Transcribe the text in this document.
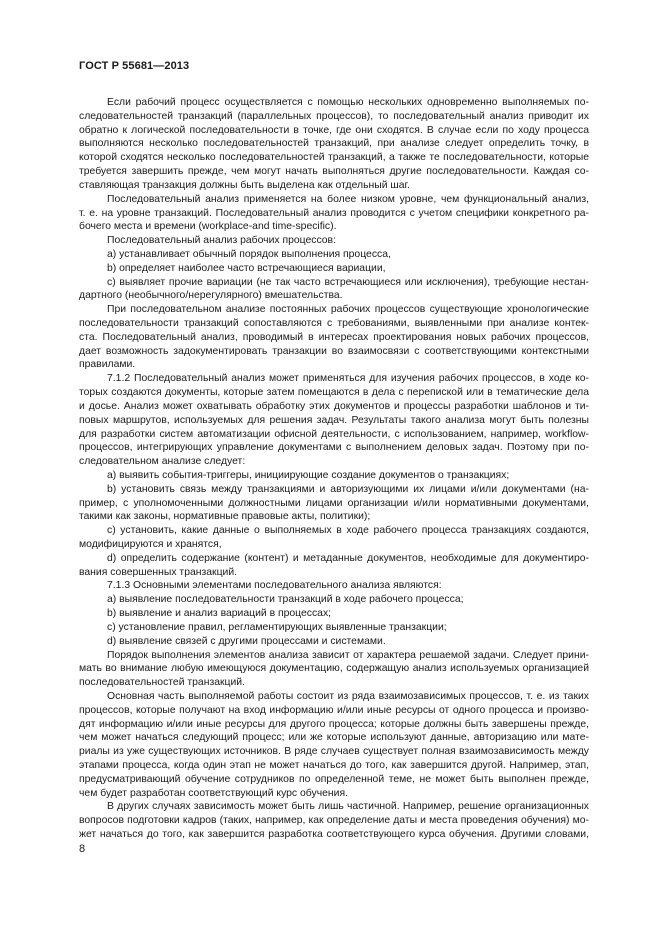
ГОСТ Р 55681—2013
Если рабочий процесс осуществляется с помощью нескольких одновременно выполняемых по-
следовательностей транзакций (параллельных процессов), то последовательный анализ приводит их
обратно к логической последовательности в точке, где они сходятся. В случае если по ходу процесса
выполняются несколько последовательностей транзакций, при анализе следует определить точку, в
которой сходятся несколько последовательностей транзакций, а также те последовательности, которые
требуется завершить прежде, чем могут начать выполняться другие последовательности. Каждая со-
ставляющая транзакция должны быть выделена как отдельный шаг.
Последовательный анализ применяется на более низком уровне, чем функциональный анализ,
т. е. на уровне транзакций. Последовательный анализ проводится с учетом специфики конкретного ра-
бочего места и времени (workplace-and time-specific).
Последовательный анализ рабочих процессов:
а) устанавливает обычный порядок выполнения процесса,
b) определяет наиболее часто встречающиеся вариации,
c) выявляет прочие вариации (не так часто встречающиеся или исключения), требующие нестан-
дартного (необычного/нерегулярного) вмешательства.
При последовательном анализе постоянных рабочих процессов существующие хронологические
последовательности транзакций сопоставляются с требованиями, выявленными при анализе контек-
ста. Последовательный анализ, проводимый в интересах проектирования новых рабочих процессов,
дает возможность задокументировать транзакции во взаимосвязи с соответствующими контекстными
правилами.
7.1.2 Последовательный анализ может применяться для изучения рабочих процессов, в ходе ко-
торых создаются документы, которые затем помещаются в дела с перепиской или в тематические дела
и досье. Анализ может охватывать обработку этих документов и процессы разработки шаблонов и ти-
повых маршрутов, используемых для решения задач. Результаты такого анализа могут быть полезны
для разработки систем автоматизации офисной деятельности, с использованием, например, workflow-
процессов, интегрирующих управление документами с выполнением деловых задач. Поэтому при по-
следовательном анализе следует:
а) выявить события-триггеры, инициирующие создание документов о транзакциях;
b) установить связь между транзакциями и авторизующими их лицами и/или документами (на-
пример, с уполномоченными должностными лицами организации и/или нормативными документами,
такими как законы, нормативные правовые акты, политики);
с) установить, какие данные о выполняемых в ходе рабочего процесса транзакциях создаются,
модифицируются и хранятся,
d) определить содержание (контент) и метаданные документов, необходимые для документиро-
вания совершенных транзакций.
7.1.3 Основными элементами последовательного анализа являются:
а) выявление последовательности транзакций в ходе рабочего процесса;
b) выявление и анализ вариаций в процессах;
c) установление правил, регламентирующих выявленные транзакции;
d) выявление связей с другими процессами и системами.
Порядок выполнения элементов анализа зависит от характера решаемой задачи. Следует прини-
мать во внимание любую имеющуюся документацию, содержащую анализ используемых организацией
последовательностей транзакций.
Основная часть выполняемой работы состоит из ряда взаимозависимых процессов, т. е. из таких
процессов, которые получают на вход информацию и/или иные ресурсы от одного процесса и произво-
дят информацию и/или иные ресурсы для другого процесса; которые должны быть завершены прежде,
чем может начаться следующий процесс; или же которые используют данные, авторизацию или мате-
риалы из уже существующих источников. В ряде случаев существует полная взаимозависимость между
этапами процесса, когда один этап не может начаться до того, как завершится другой. Например, этап,
предусматривающий обучение сотрудников по определенной теме, не может быть выполнен прежде,
чем будет разработан соответствующий курс обучения.
В других случаях зависимость может быть лишь частичной. Например, решение организационных
вопросов подготовки кадров (таких, например, как определение даты и места проведения обучения) мо-
жет начаться до того, как завершится разработка соответствующего курса обучения. Другими словами,
8
